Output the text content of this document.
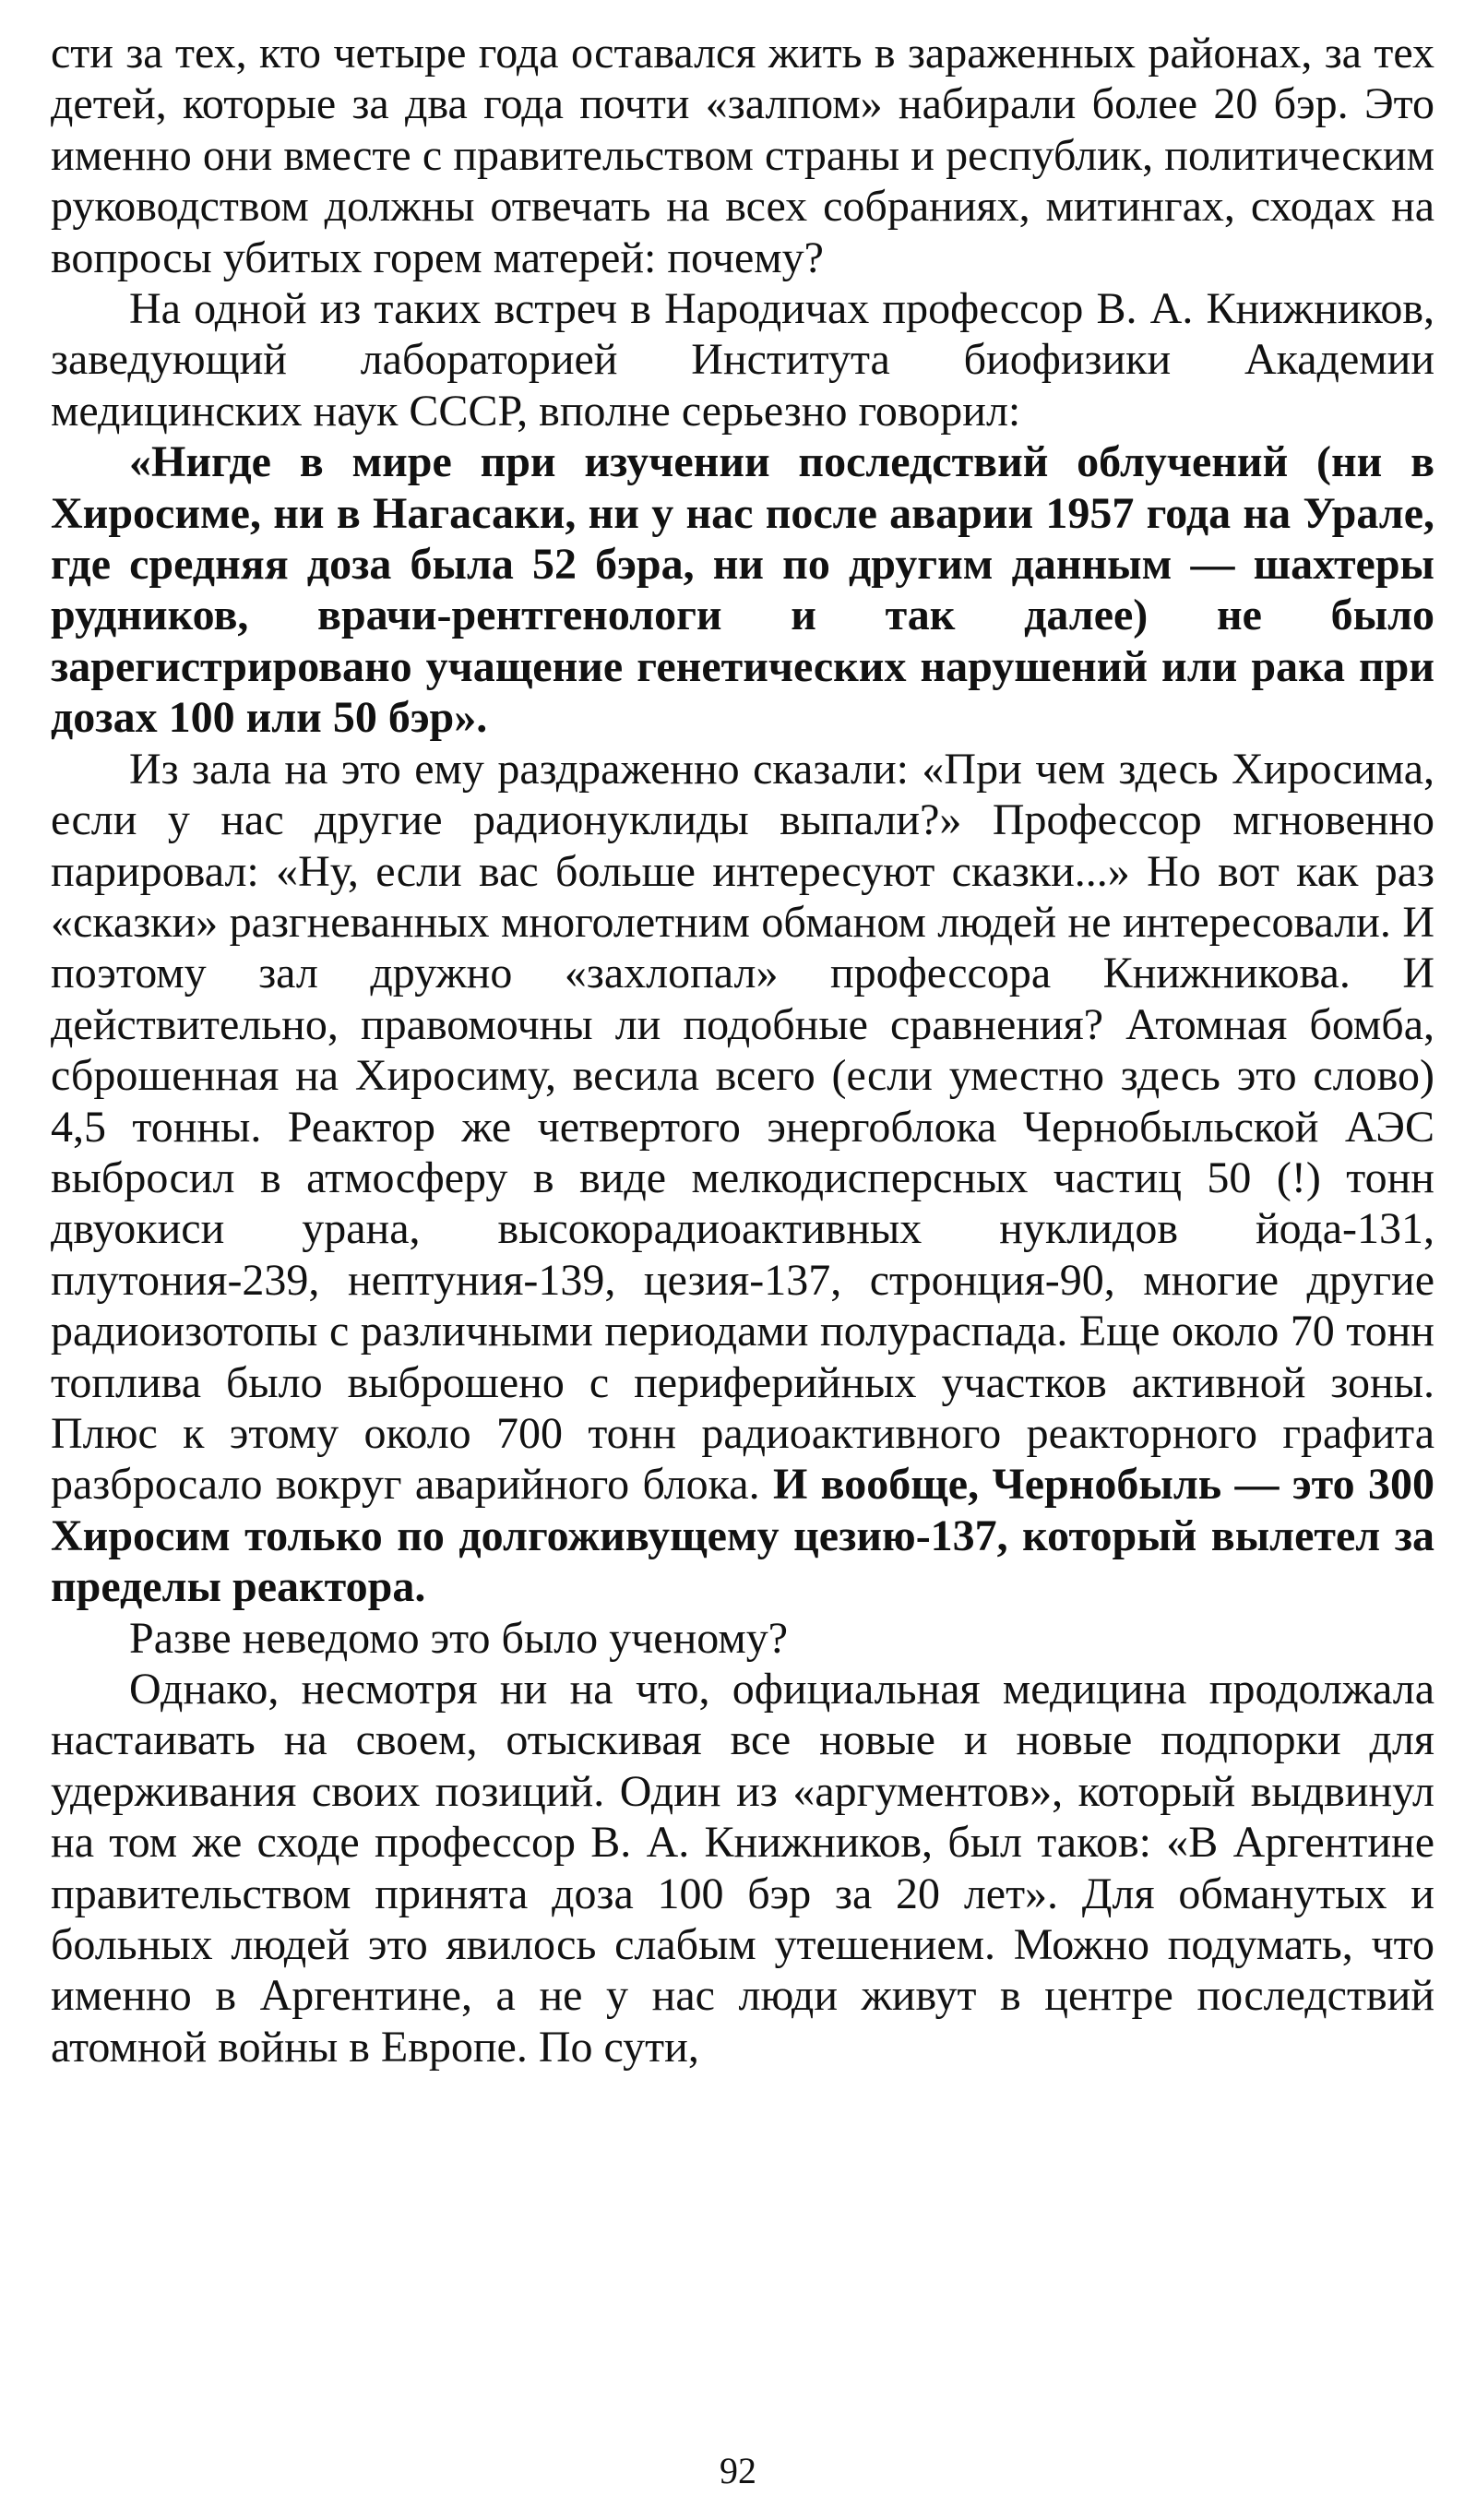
сти за тех, кто четыре года оставался жить в зараженных районах, за тех детей, которые за два года почти «залпом» набирали более 20 бэр. Это именно они вместе с правительством страны и республик, политическим руководством должны отвечать на всех собраниях, митингах, сходах на вопросы убитых горем матерей: почему?

На одной из таких встреч в Народичах профессор В. А. Книжников, заведующий лабораторией Института биофизики Академии медицинских наук СССР, вполне серьезно говорил:

«Нигде в мире при изучении последствий облучений (ни в Хиросиме, ни в Нагасаки, ни у нас после аварии 1957 года на Урале, где средняя доза была 52 бэра, ни по другим данным — шахтеры рудников, врачи-рентгенологи и так далее) не было зарегистрировано учащение генетических нарушений или рака при дозах 100 или 50 бэр».

Из зала на это ему раздраженно сказали: «При чем здесь Хиросима, если у нас другие радионуклиды выпали?» Профессор мгновенно парировал: «Ну, если вас больше интересуют сказки...» Но вот как раз «сказки» разгневанных многолетним обманом людей не интересовали. И поэтому зал дружно «захлопал» профессора Книжникова. И действительно, правомочны ли подобные сравнения? Атомная бомба, сброшенная на Хиросиму, весила всего (если уместно здесь это слово) 4,5 тонны. Реактор же четвертого энергоблока Чернобыльской АЭС выбросил в атмосферу в виде мелкодисперсных частиц 50 (!) тонн двуокиси урана, высокорадиоактивных нуклидов йода-131, плутония-239, нептуния-139, цезия-137, стронция-90, многие другие радиоизотопы с различными периодами полураспада. Еще около 70 тонн топлива было выброшено с периферийных участков активной зоны. Плюс к этому около 700 тонн радиоактивного реакторного графита разбросало вокруг аварийного блока. И вообще, Чернобыль — это 300 Хиросим только по долгоживущему цезию-137, который вылетел за пределы реактора.

Разве неведомо это было ученому?

Однако, несмотря ни на что, официальная медицина продолжала настаивать на своем, отыскивая все новые и новые подпорки для удерживания своих позиций. Один из «аргументов», который выдвинул на том же сходе профессор В. А. Книжников, был таков: «В Аргентине правительством принята доза 100 бэр за 20 лет». Для обманутых и больных людей это явилось слабым утешением. Можно подумать, что именно в Аргентине, а не у нас люди живут в центре последствий атомной войны в Европе. По сути,

92
